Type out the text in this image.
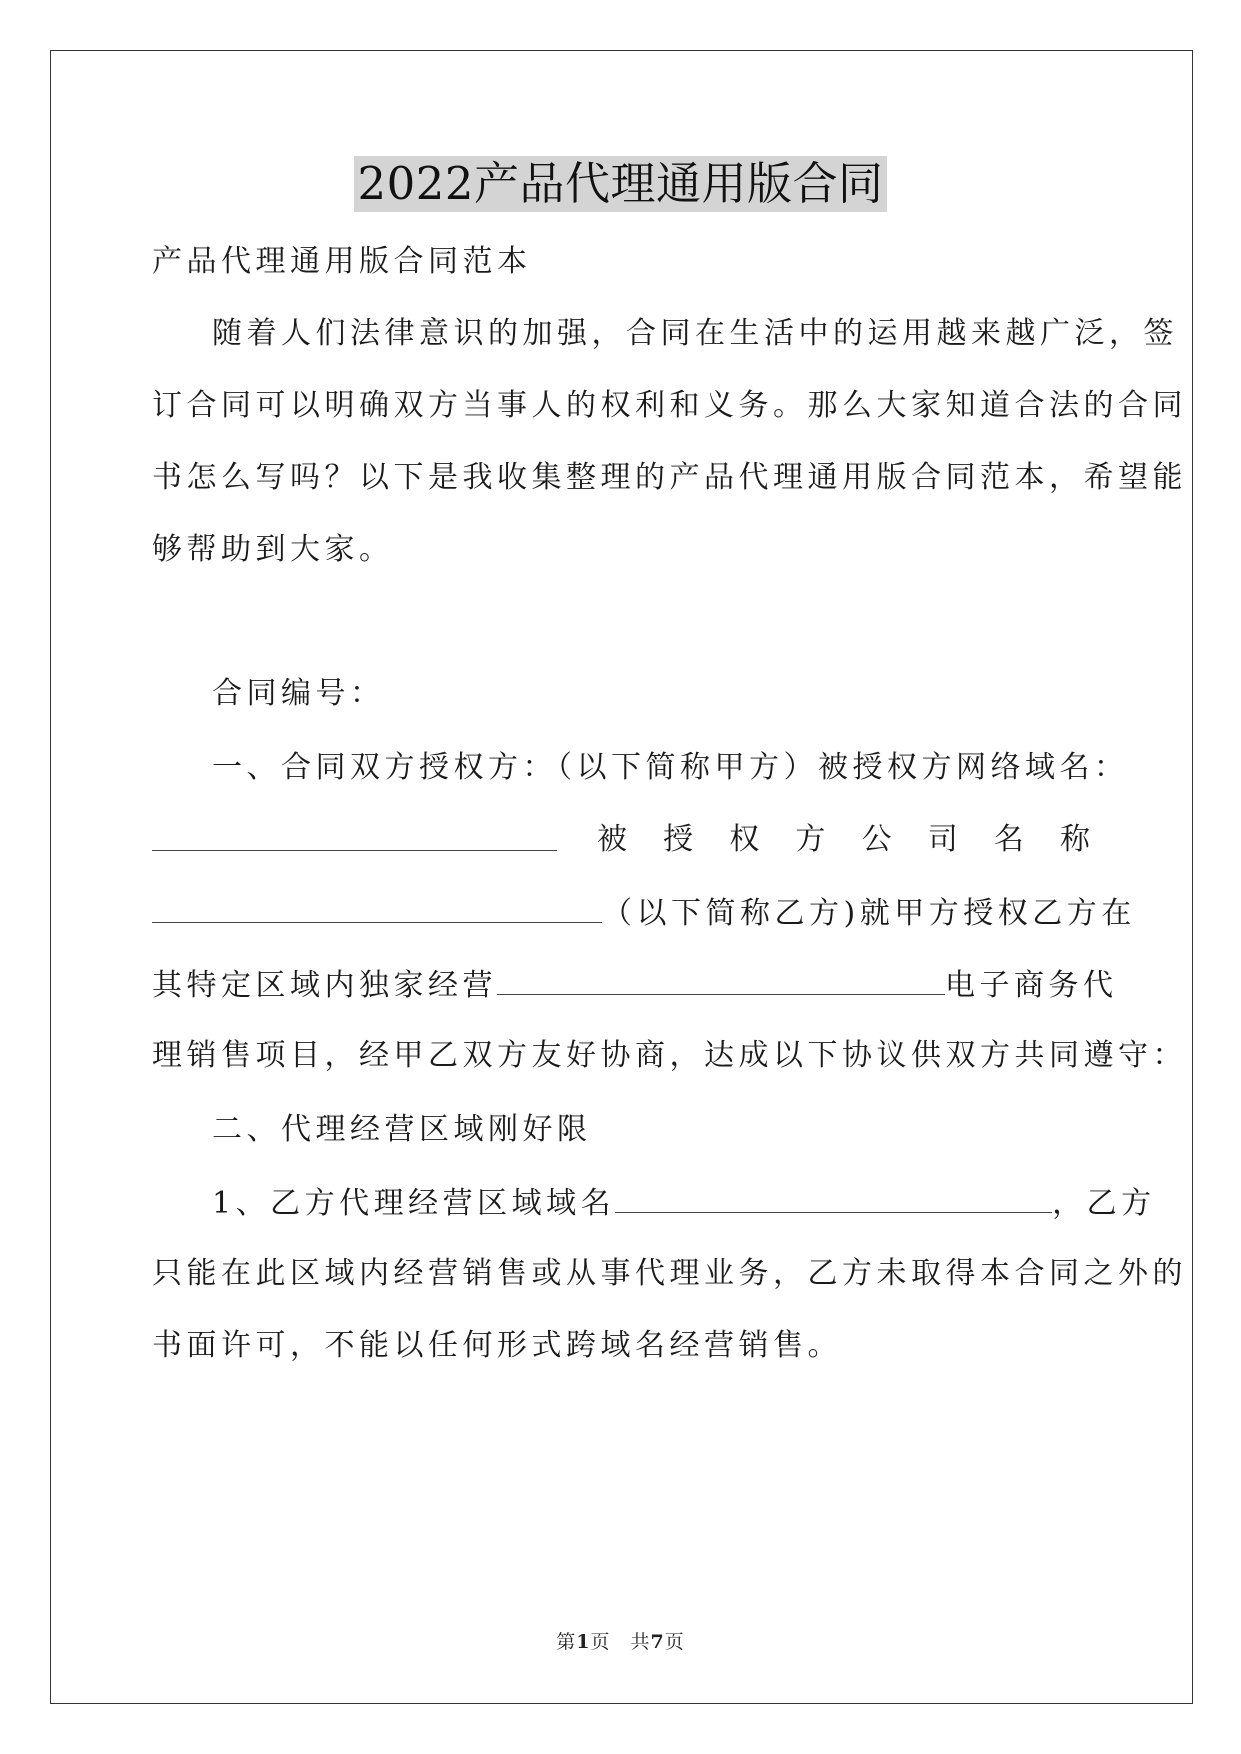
2022产品代理通用版合同
产品代理通用版合同范本
随着人们法律意识的加强，合同在生活中的运用越来越广泛，签
订合同可以明确双方当事人的权利和义务。那么大家知道合法的合同
书怎么写吗？以下是我收集整理的产品代理通用版合同范本，希望能
够帮助到大家。
合同编号：
一、合同双方授权方：（以下简称甲方）被授权方网络域名：
被 授 权 方 公 司 名 称
（以下简称乙方)就甲方授权乙方在
其特定区域内独家经营	电子商务代
理销售项目，经甲乙双方友好协商，达成以下协议供双方共同遵守：
二、代理经营区域刚好限
1、乙方代理经营区域域名	，乙方
只能在此区域内经营销售或从事代理业务，乙方未取得本合同之外的
书面许可，不能以任何形式跨域名经营销售。
第1页　共7页
